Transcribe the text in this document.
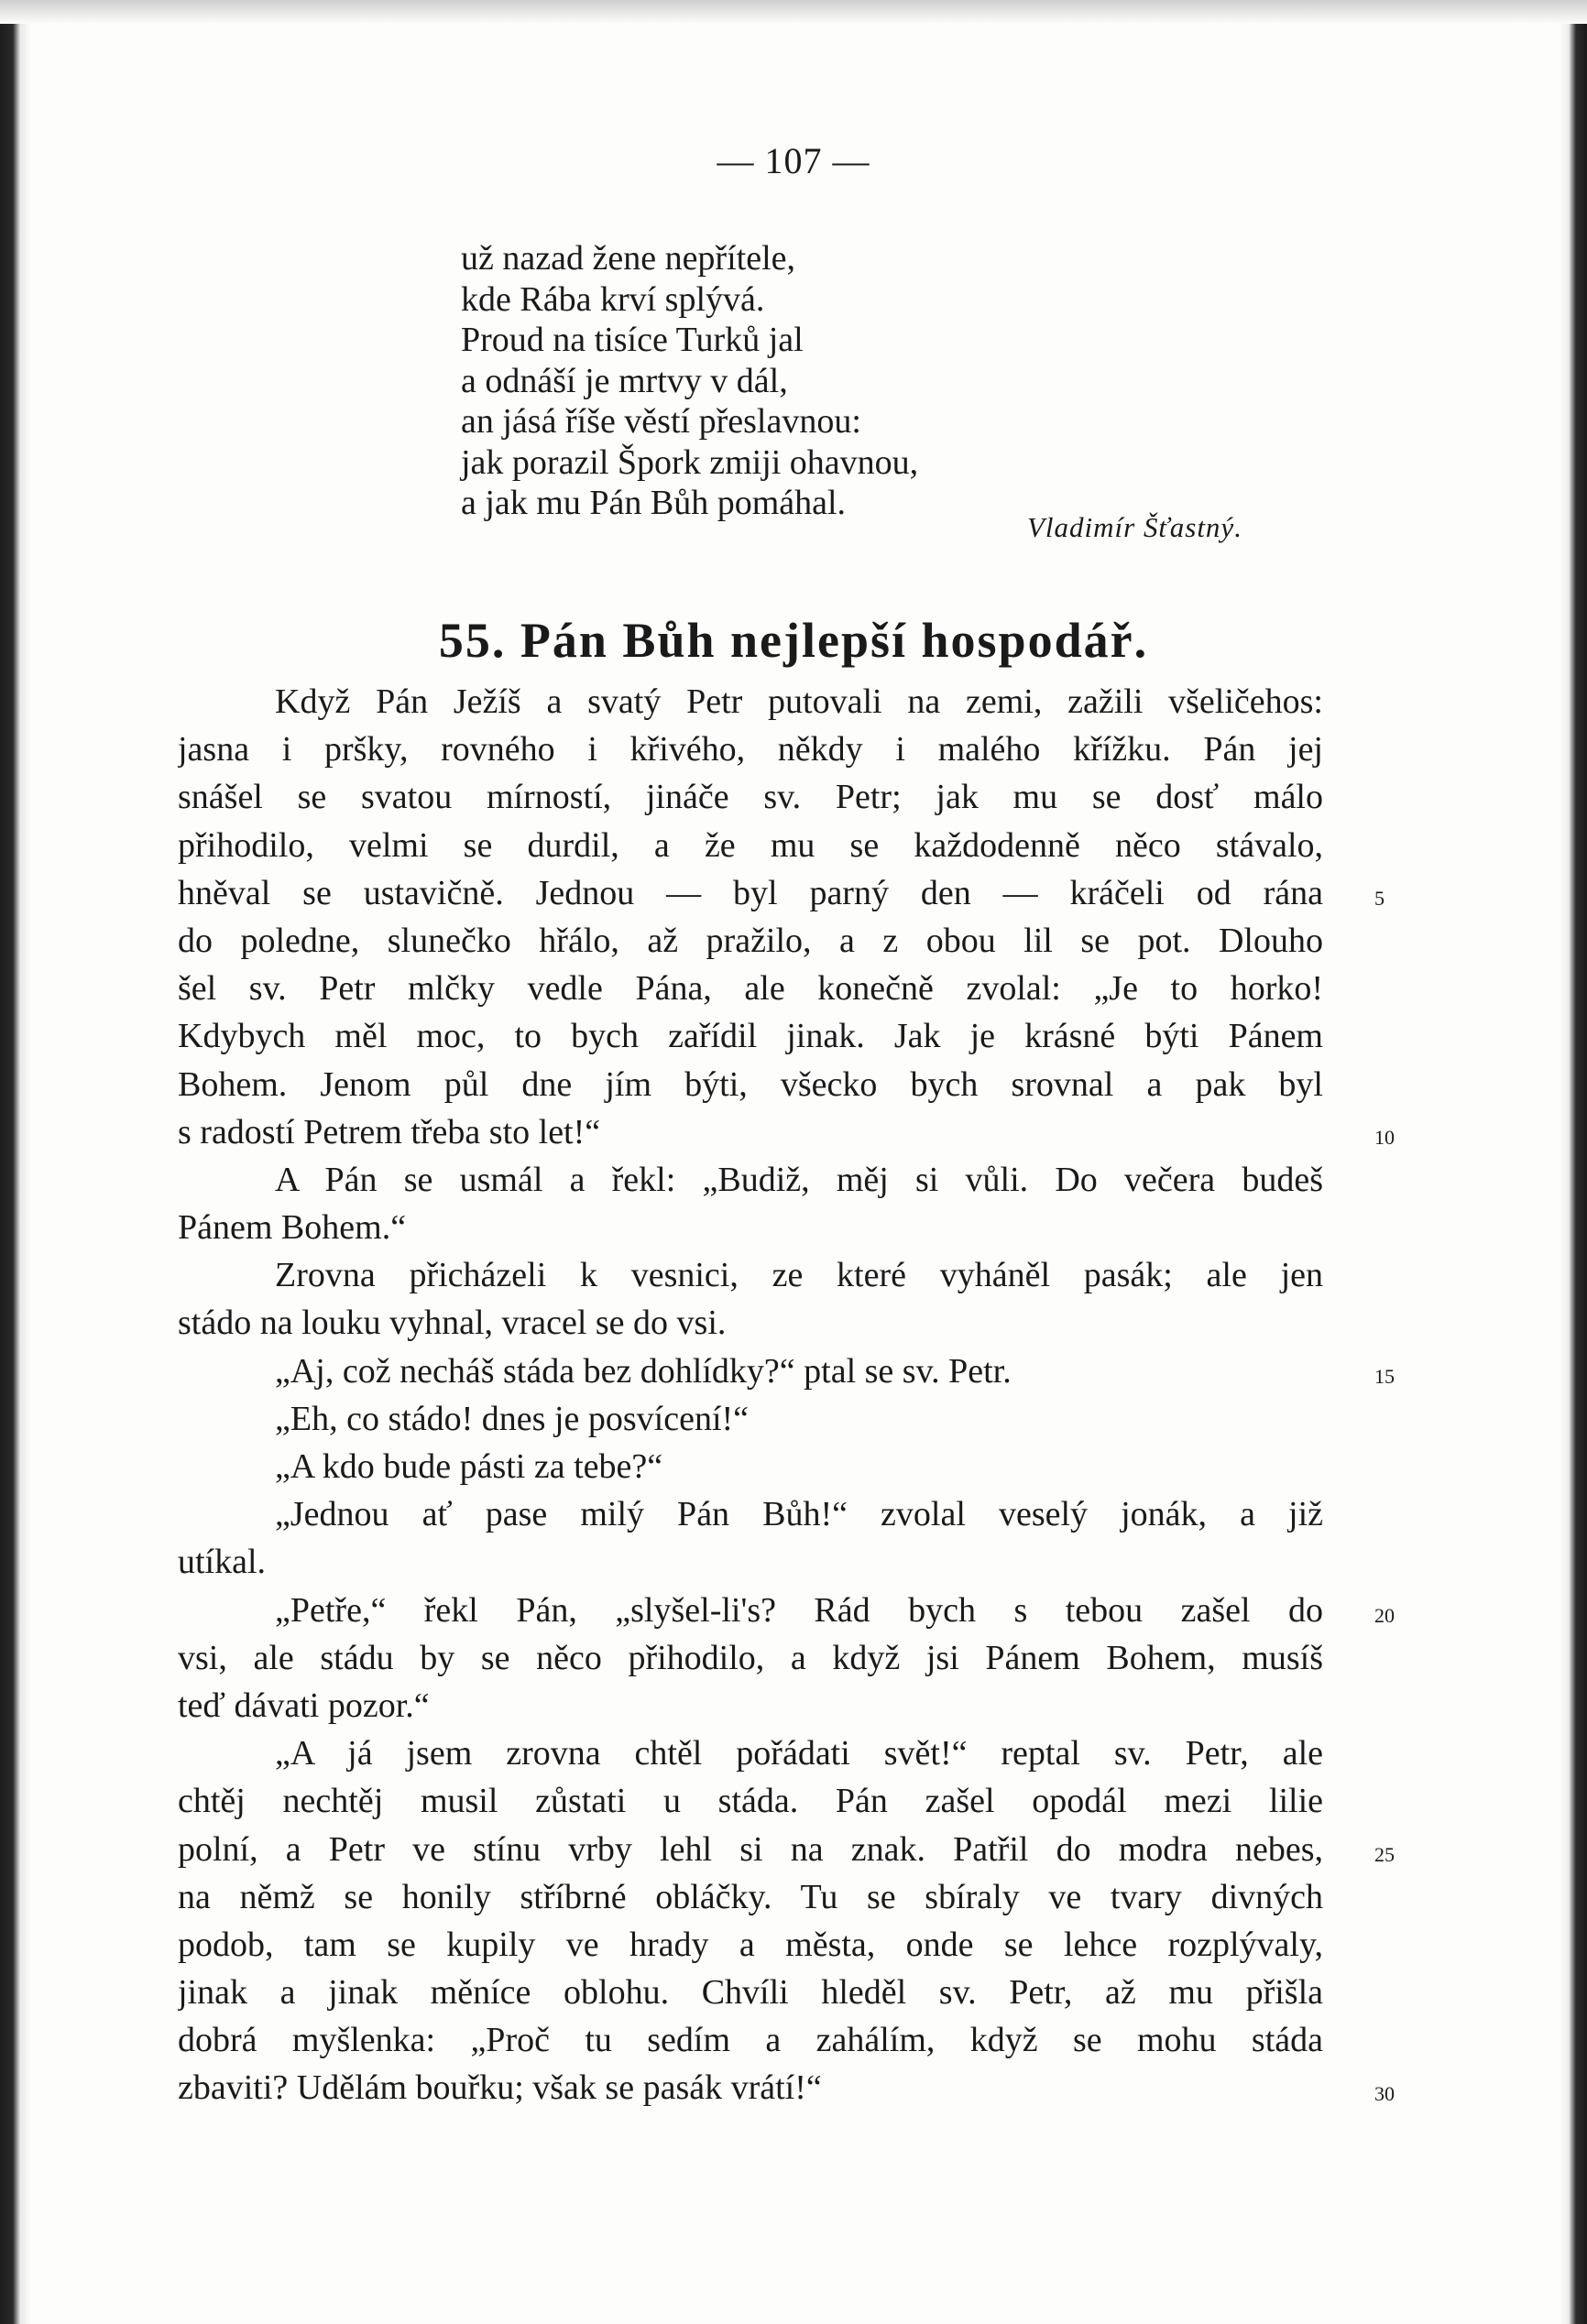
— 107 —
už nazad žene nepřítele,
kde Rába krví splývá.
Proud na tisíce Turků jal
a odnáší je mrtvy v dál,
an jásá říše věstí přeslavnou:
jak porazil Špork zmiji ohavnou,
a jak mu Pán Bůh pomáhal.
Vladimír Šťastný.
55. Pán Bůh nejlepší hospodář.
Když Pán Ježíš a svatý Petr putovali na zemi, zažili všeličehos:
jasna i pršky, rovného i křivého, někdy i malého křížku. Pán jej
snášel se svatou mírností, jináče sv. Petr; jak mu se dosť málo
přihodilo, velmi se durdil, a že mu se každodenně něco stávalo,
hněval se ustavičně. Jednou — byl parný den — kráčeli od rána
do poledne, slunečko hřálo, až pražilo, a z obou lil se pot. Dlouho
šel sv. Petr mlčky vedle Pána, ale konečně zvolal: „Je to horko!
Kdybych měl moc, to bych zařídil jinak. Jak je krásné býti Pánem
Bohem. Jenom půl dne jím býti, všecko bych srovnal a pak byl
s radostí Petrem třeba sto let!“
A Pán se usmál a řekl: „Budiž, měj si vůli. Do večera budeš
Pánem Bohem.“
Zrovna přicházeli k vesnici, ze které vyháněl pasák; ale jen
stádo na louku vyhnal, vracel se do vsi.
„Aj, což necháš stáda bez dohlídky?“ ptal se sv. Petr.
„Eh, co stádo! dnes je posvícení!“
„A kdo bude pásti za tebe?“
„Jednou ať pase milý Pán Bůh!“ zvolal veselý jonák, a již
utíkal.
„Petře,“ řekl Pán, „slyšel-li's? Rád bych s tebou zašel do
vsi, ale stádu by se něco přihodilo, a když jsi Pánem Bohem, musíš
teď dávati pozor.“
„A já jsem zrovna chtěl pořádati svět!“ reptal sv. Petr, ale
chtěj nechtěj musil zůstati u stáda. Pán zašel opodál mezi lilie
polní, a Petr ve stínu vrby lehl si na znak. Patřil do modra nebes,
na němž se honily stříbrné obláčky. Tu se sbíraly ve tvary divných
podob, tam se kupily ve hrady a města, onde se lehce rozplývaly,
jinak a jinak měníce oblohu. Chvíli hleděl sv. Petr, až mu přišla
dobrá myšlenka: „Proč tu sedím a zahálím, když se mohu stáda
zbaviti? Udělám bouřku; však se pasák vrátí!“
5
10
15
20
25
30
